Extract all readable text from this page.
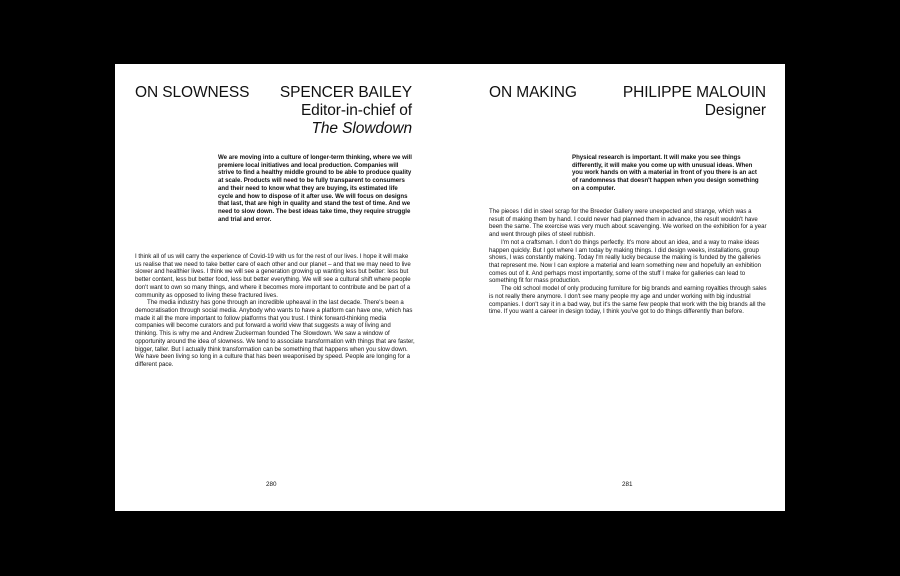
ON SLOWNESS SPENCER BAILEY
Editor-in-chief of
The Slowdown
We are moving into a culture of longer-term thinking, where we will premiere local initiatives and local production. Companies will strive to find a healthy middle ground to be able to produce quality at scale. Products will need to be fully transparent to consumers and their need to know what they are buying, its estimated life cycle and how to dispose of it after use. We will focus on designs that last, that are high in quality and stand the test of time. And we need to slow down. The best ideas take time, they require struggle and trial and error.

I think all of us will carry the experience of Covid-19 with us for the rest of our lives. I hope it will make us realise that we need to take better care of each other and our planet – and that we may need to live slower and healthier lives. I think we will see a generation growing up wanting less but better: less but better content, less but better food, less but better everything. We will see a cultural shift where people don't want to own so many things, and where it becomes more important to contribute and be part of a community as opposed to living these fractured lives.

The media industry has gone through an incredible upheaval in the last decade. There's been a democratisation through social media. Anybody who wants to have a platform can have one, which has made it all the more important to follow platforms that you trust. I think forward-thinking media companies will become curators and put forward a world view that suggests a way of living and thinking. This is why me and Andrew Zuckerman founded The Slowdown. We saw a window of opportunity around the idea of slowness. We tend to associate transformation with things that are faster, bigger, taller. But I actually think transformation can be something that happens when you slow down. We have been living so long in a culture that has been weaponised by speed. People are longing for a different pace.

280
ON MAKING	PHILIPPE MALOUIN
Designer
Physical research is important. It will make you see things differently, it will make you come up with unusual ideas. When you work hands on with a material in front of you there is an act of randomness that doesn't happen when you design something on a computer.

The pieces I did in steel scrap for the Breeder Gallery were unexpected and strange, which was a result of making them by hand. I could never had planned them in advance, the result wouldn't have been the same. The exercise was very much about scavenging. We worked on the exhibition for a year and went through piles of steel rubbish.

I'm not a craftsman. I don't do things perfectly. It's more about an idea, and a way to make ideas happen quickly. But I got where I am today by making things. I did design weeks, installations, group shows, I was constantly making. Today I'm really lucky because the making is funded by the galleries that represent me. Now I can explore a material and learn something new and hopefully an exhibition comes out of it. And perhaps most importantly, some of the stuff I make for galleries can lead to something fit for mass production.

The old school model of only producing furniture for big brands and earning royalties through sales is not really there anymore. I don't see many people my age and under working with big industrial companies. I don't say it in a bad way, but it's the same few people that work with the big brands all the time. If you want a career in design today, I think you've got to do things differently than before.

281
